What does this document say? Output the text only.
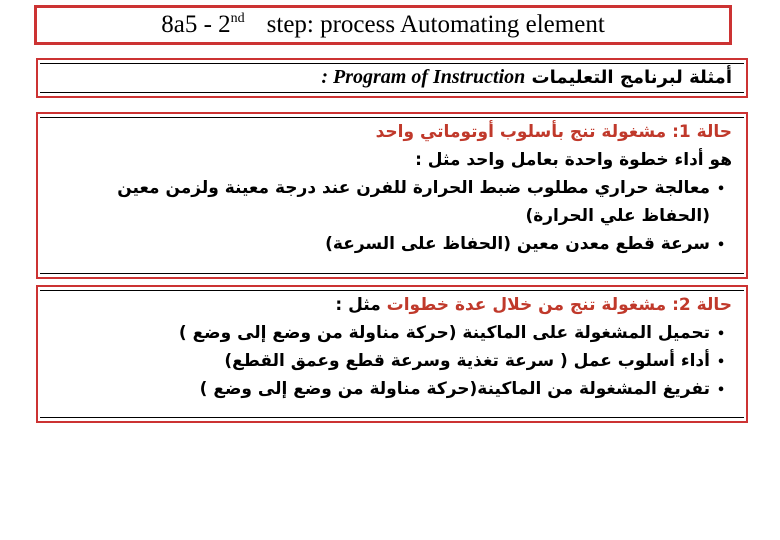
8a5 - 2nd step: process Automating element
أمثلة لبرنامج التعليمات : Program of Instruction
حالة 1: مشغولة تنج بأسلوب أوتوماتي واحد
هو أداء خطوة واحدة بعامل واحد مثل :
•معالجة حراري مطلوب ضبط الحرارة للفرن عند درجة معينة ولزمن معين
(الحفاظ علي الحرارة)
•سرعة قطع معدن معين (الحفاظ على السرعة)
حالة 2: مشغولة تنج من خلال عدة خطوات مثل :
•تحميل المشغولة على الماكينة (حركة مناولة من وضع إلى وضع )
•أداء أسلوب عمل ( سرعة تغذية وسرعة قطع وعمق القطع)
•تفريغ المشغولة من الماكينة(حركة مناولة من وضع إلى وضع )
